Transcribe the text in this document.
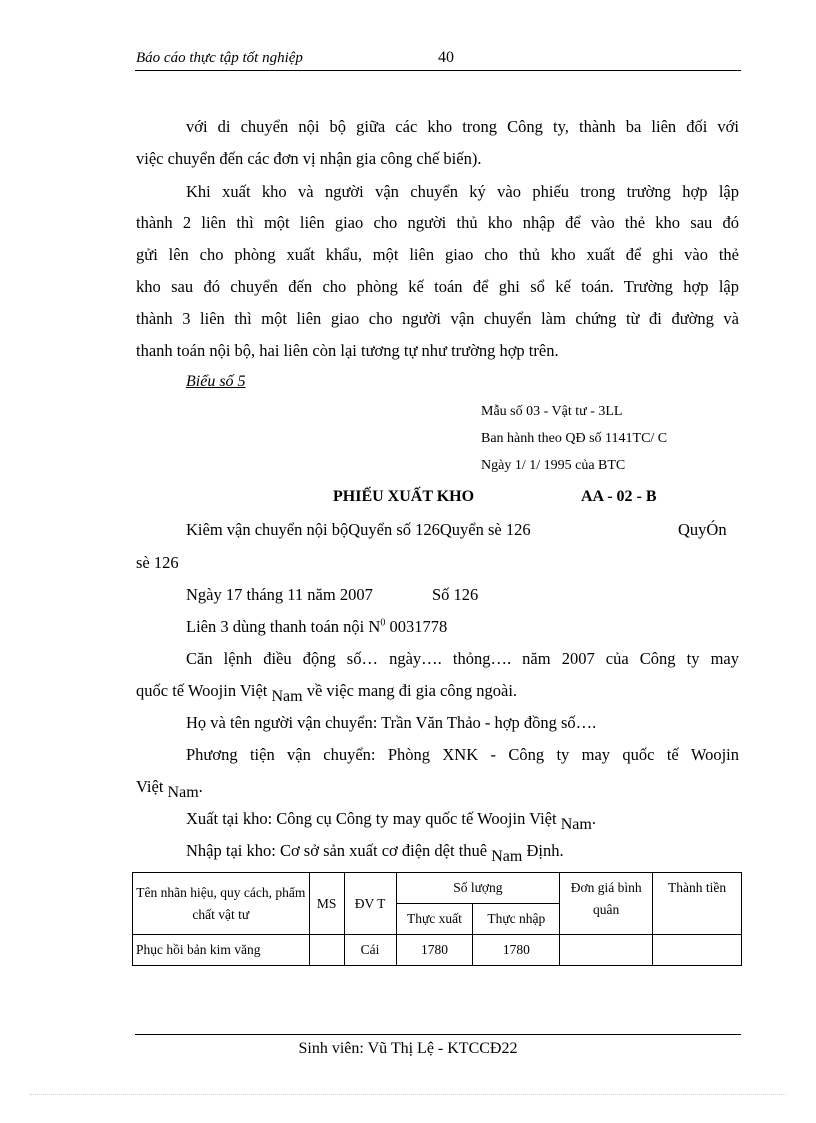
Báo cáo thực tập tốt nghiệp	40
với di chuyển nội bộ giữa các kho trong Công ty, thành ba liên đối với
việc chuyển đến các đơn vị nhận gia công chế biến).
Khi xuất kho và người vận chuyển ký vào phiếu trong trường hợp lập
thành 2 liên thì một liên giao cho người thủ kho nhập để vào thẻ kho sau đó
gửi lên cho phòng xuất khẩu, một liên giao cho thủ kho xuất để ghi vào thẻ
kho sau đó chuyển đến cho phòng kế toán để ghi sổ kế toán. Trường hợp lập
thành 3 liên thì một liên giao cho người vận chuyển làm chứng từ đi đường và
thanh toán nội bộ, hai liên còn lại tương tự như trường hợp trên.
Biểu số 5
Mẫu số 03 - Vật tư - 3LL
Ban hành theo QĐ số 1141TC/ C
Ngày 1/ 1/ 1995 của BTC
PHIẾU XUẤT KHO	AA - 02 - B
Kiêm vận chuyển nội bộQuyển số 126Quyển sè 126	QuyÓn
sè 126
Ngày 17 tháng 11 năm 2007	Số 126
Liên 3 dùng thanh toán nội $N^0$ 0031778
Căn lệnh điều động số… ngày…. thỏng…. năm 2007 của Công ty may
quốc tế Woojin Việt Nam về việc mang đi gia công ngoài.
Họ và tên người vận chuyển: Trần Văn Thảo - hợp đồng số….
Phương tiện vận chuyển: Phòng XNK - Công ty may quốc tế Woojin
Việt Nam.
Xuất tại kho: Công cụ Công ty may quốc tế Woojin Việt Nam.
Nhập tại kho: Cơ sở sản xuất cơ điện dệt thuê Nam Định.
Tên nhãn hiệu, quy cách, phẩm chất vật tư	MS	ĐV T	Số lượng		Đơn giá bình quân	Thành tiền
			Thực xuất	Thực nhập		
Phục hồi bản kim văng		Cái	1780	1780		
Sinh viên: Vũ Thị Lệ - KTCCĐ22
